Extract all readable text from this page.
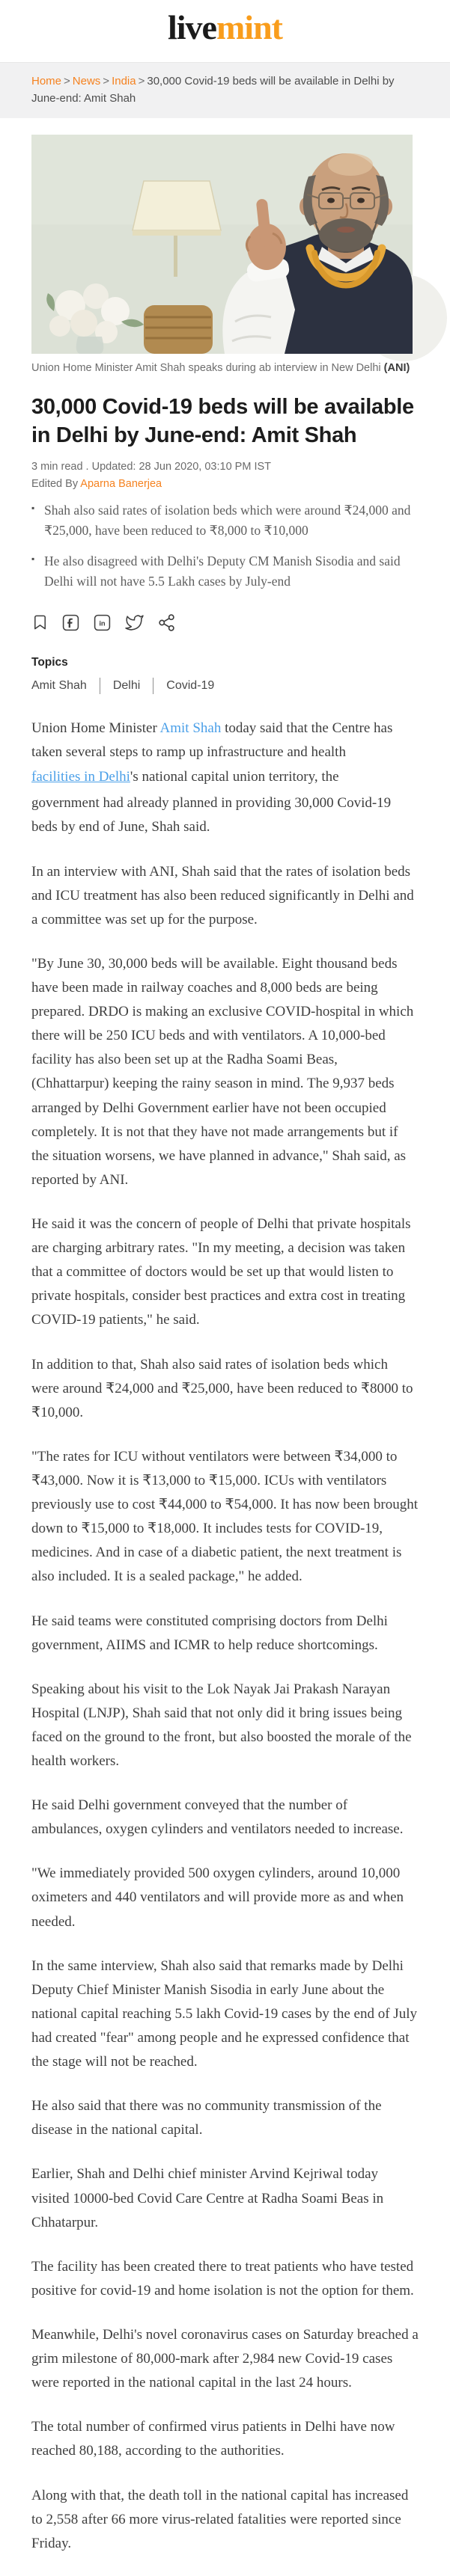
livemint
Home > News > India > 30,000 Covid-19 beds will be available in Delhi by June-end: Amit Shah
Union Home Minister Amit Shah speaks during ab interview in New Delhi (ANI)
30,000 Covid-19 beds will be available in Delhi by June-end: Amit Shah
3 min read . Updated: 28 Jun 2020, 03:10 PM IST
Edited By Aparna Banerjea
▪ Shah also said rates of isolation beds which were around ₹24,000 and ₹25,000, have been reduced to ₹8,000 to ₹10,000
▪ He also disagreed with Delhi's Deputy CM Manish Sisodia and said Delhi will not have 5.5 Lakh cases by July-end
in
Topics
Amit Shah Delhi Covid-19

Union Home Minister Amit Shah today said that the Centre has taken several steps to ramp up infrastructure and health

facilities in Delhi's national capital union territory, the

government had already planned in providing 30,000 Covid-19 beds by end of June, Shah said.

In an interview with ANI, Shah said that the rates of isolation beds and ICU treatment has also been reduced significantly in Delhi and a committee was set up for the purpose.

"By June 30, 30,000 beds will be available. Eight thousand beds have been made in railway coaches and 8,000 beds are being prepared. DRDO is making an exclusive COVID-hospital in which there will be 250 ICU beds and with ventilators. A 10,000-bed facility has also been set up at the Radha Soami Beas, (Chhattarpur) keeping the rainy season in mind. The 9,937 beds arranged by Delhi Government earlier have not been occupied completely. It is not that they have not made arrangements but if the situation worsens, we have planned in advance," Shah said, as reported by ANI.

He said it was the concern of people of Delhi that private hospitals are charging arbitrary rates. "In my meeting, a decision was taken that a committee of doctors would be set up that would listen to private hospitals, consider best practices and extra cost in treating COVID-19 patients," he said.

In addition to that, Shah also said rates of isolation beds which were around ₹24,000 and ₹25,000, have been reduced to ₹8000 to ₹10,000.

"The rates for ICU without ventilators were between ₹34,000 to ₹43,000. Now it is ₹13,000 to ₹15,000. ICUs with ventilators previously use to cost ₹44,000 to ₹54,000. It has now been brought down to ₹15,000 to ₹18,000. It includes tests for COVID-19, medicines. And in case of a diabetic patient, the next treatment is also included. It is a sealed package," he added.

He said teams were constituted comprising doctors from Delhi government, AIIMS and ICMR to help reduce shortcomings.

Speaking about his visit to the Lok Nayak Jai Prakash Narayan Hospital (LNJP), Shah said that not only did it bring issues being faced on the ground to the front, but also boosted the morale of the health workers.

He said Delhi government conveyed that the number of ambulances, oxygen cylinders and ventilators needed to increase.

"We immediately provided 500 oxygen cylinders, around 10,000 oximeters and 440 ventilators and will provide more as and when needed.

In the same interview, Shah also said that remarks made by Delhi Deputy Chief Minister Manish Sisodia in early June about the national capital reaching 5.5 lakh Covid-19 cases by the end of July had created "fear" among people and he expressed confidence that the stage will not be reached.

He also said that there was no community transmission of the disease in the national capital.

Earlier, Shah and Delhi chief minister Arvind Kejriwal today visited 10000-bed Covid Care Centre at Radha Soami Beas in Chhatarpur.

The facility has been created there to treat patients who have tested positive for covid-19 and home isolation is not the option for them.

Meanwhile, Delhi's novel coronavirus cases on Saturday breached a grim milestone of 80,000-mark after 2,984 new Covid-19 cases were reported in the national capital in the last 24 hours.

The total number of confirmed virus patients in Delhi have now reached 80,188, according to the authorities.

Along with that, the death toll in the national capital has increased to 2,558 after 66 more virus-related fatalities were reported since Friday.
